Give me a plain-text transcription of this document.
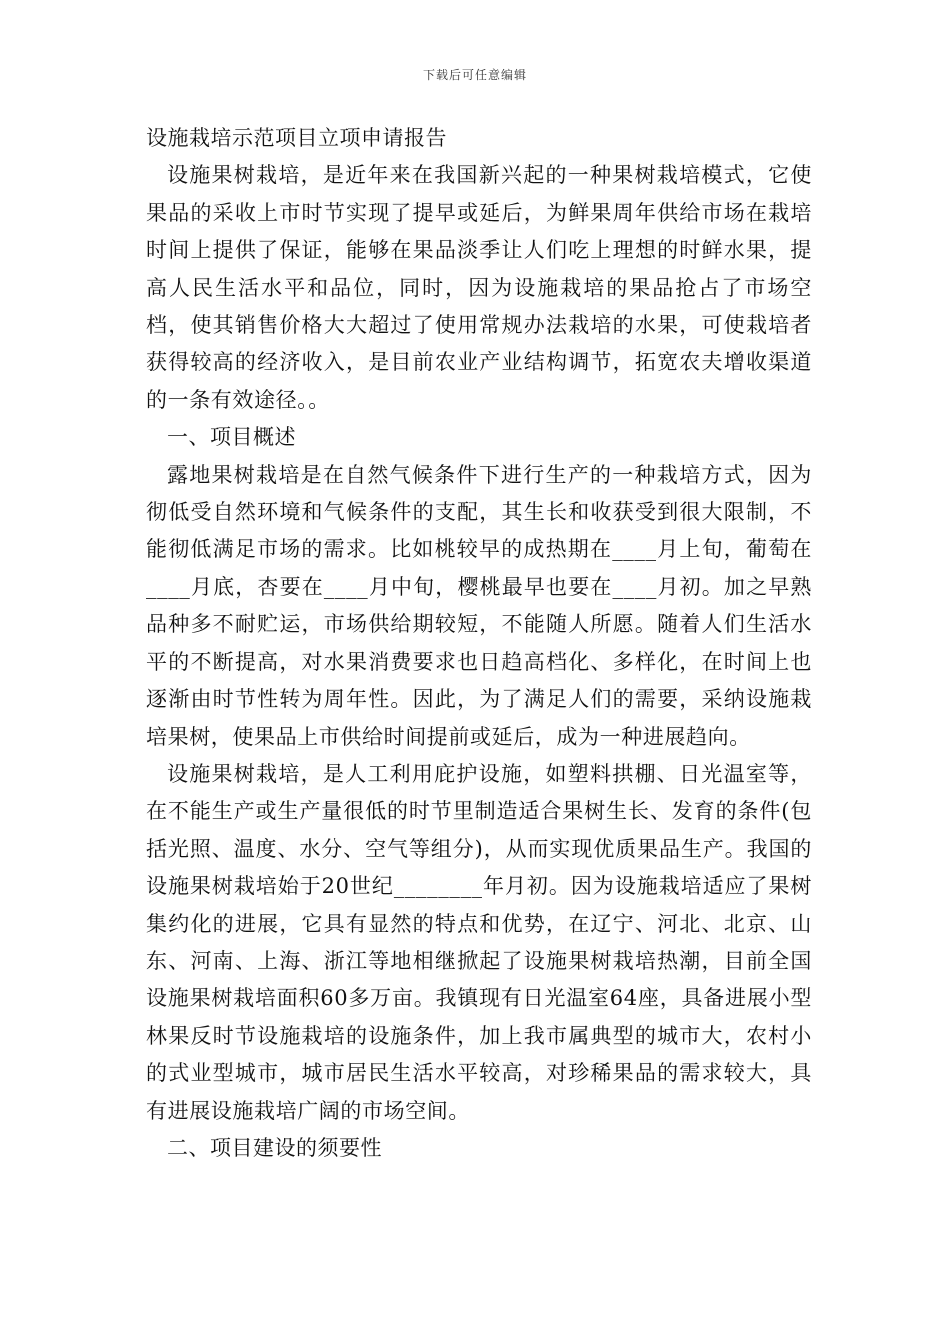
下载后可任意编辑
设施栽培示范项目立项申请报告

设施果树栽培，是近年来在我国新兴起的一种果树栽培模式，它使果品的采收上市时节实现了提早或延后，为鲜果周年供给市场在栽培时间上提供了保证，能够在果品淡季让人们吃上理想的时鲜水果，提高人民生活水平和品位，同时，因为设施栽培的果品抢占了市场空档，使其销售价格大大超过了使用常规办法栽培的水果，可使栽培者获得较高的经济收入，是目前农业产业结构调节，拓宽农夫增收渠道的一条有效途径。。

一、项目概述

露地果树栽培是在自然气候条件下进行生产的一种栽培方式，因为彻低受自然环境和气候条件的支配，其生长和收获受到很大限制，不能彻低满足市场的需求。比如桃较早的成热期在____月上旬，葡萄在____月底，杏要在____月中旬，樱桃最早也要在____月初。加之早熟品种多不耐贮运，市场供给期较短，不能随人所愿。随着人们生活水平的不断提高，对水果消费要求也日趋高档化、多样化，在时间上也逐渐由时节性转为周年性。因此，为了满足人们的需要，采纳设施栽培果树，使果品上市供给时间提前或延后，成为一种进展趋向。

设施果树栽培，是人工利用庇护设施，如塑料拱棚、日光温室等，在不能生产或生产量很低的时节里制造适合果树生长、发育的条件(包括光照、温度、水分、空气等组分)，从而实现优质果品生产。我国的设施果树栽培始于20世纪________年月初。因为设施栽培适应了果树集约化的进展，它具有显然的特点和优势，在辽宁、河北、北京、山东、河南、上海、浙江等地相继掀起了设施果树栽培热潮，目前全国设施果树栽培面积60多万亩。我镇现有日光温室64座，具备进展小型林果反时节设施栽培的设施条件，加上我市属典型的城市大，农村小的式业型城市，城市居民生活水平较高，对珍稀果品的需求较大，具有进展设施栽培广阔的市场空间。

二、项目建设的须要性
